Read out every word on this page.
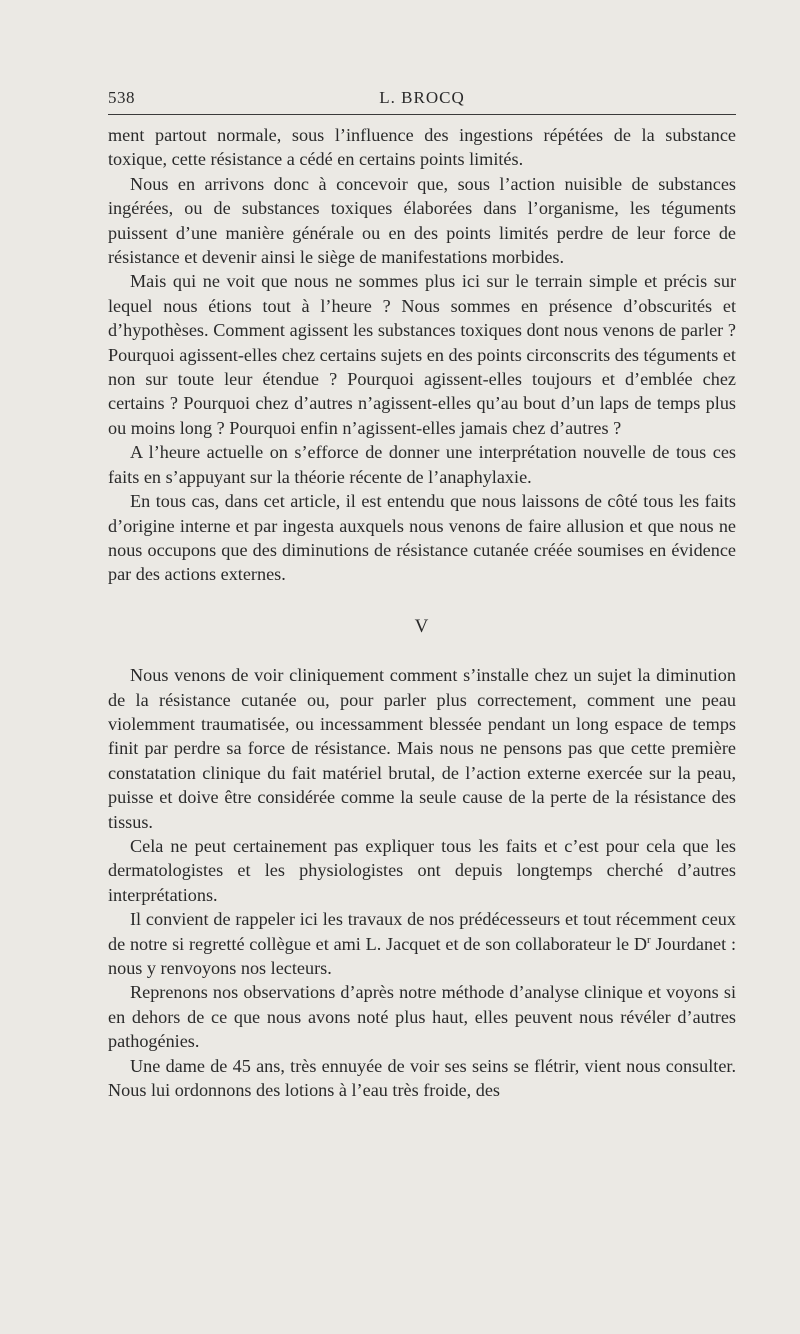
538	L. BROCQ

ment partout normale, sous l’influence des ingestions répétées de la substance toxique, cette résistance a cédé en certains points limités.

Nous en arrivons donc à concevoir que, sous l’action nuisible de substances ingérées, ou de substances toxiques élaborées dans l’organisme, les téguments puissent d’une manière générale ou en des points limités perdre de leur force de résistance et devenir ainsi le siège de manifestations morbides.

Mais qui ne voit que nous ne sommes plus ici sur le terrain simple et précis sur lequel nous étions tout à l’heure ? Nous sommes en présence d’obscurités et d’hypothèses. Comment agissent les substances toxiques dont nous venons de parler ? Pourquoi agissent-elles chez certains sujets en des points circonscrits des téguments et non sur toute leur étendue ? Pourquoi agissent-elles toujours et d’emblée chez certains ? Pourquoi chez d’autres n’agissent-elles qu’au bout d’un laps de temps plus ou moins long ? Pourquoi enfin n’agissent-elles jamais chez d’autres ?

A l’heure actuelle on s’efforce de donner une interprétation nouvelle de tous ces faits en s’appuyant sur la théorie récente de l’anaphylaxie.

En tous cas, dans cet article, il est entendu que nous laissons de côté tous les faits d’origine interne et par ingesta auxquels nous venons de faire allusion et que nous ne nous occupons que des diminutions de résistance cutanée créée soumises en évidence par des actions externes.

V

Nous venons de voir cliniquement comment s’installe chez un sujet la diminution de la résistance cutanée ou, pour parler plus correctement, comment une peau violemment traumatisée, ou incessamment blessée pendant un long espace de temps finit par perdre sa force de résistance. Mais nous ne pensons pas que cette première constatation clinique du fait matériel brutal, de l’action externe exercée sur la peau, puisse et doive être considérée comme la seule cause de la perte de la résistance des tissus.

Cela ne peut certainement pas expliquer tous les faits et c’est pour cela que les dermatologistes et les physiologistes ont depuis longtemps cherché d’autres interprétations.

Il convient de rappeler ici les travaux de nos prédécesseurs et tout récemment ceux de notre si regretté collègue et ami L. Jacquet et de son collaborateur le $D^r$ Jourdanet : nous y renvoyons nos lecteurs.

Reprenons nos observations d’après notre méthode d’analyse clinique et voyons si en dehors de ce que nous avons noté plus haut, elles peuvent nous révéler d’autres pathogénies.

Une dame de 45 ans, très ennuyée de voir ses seins se flétrir, vient nous consulter. Nous lui ordonnons des lotions à l’eau très froide, des
